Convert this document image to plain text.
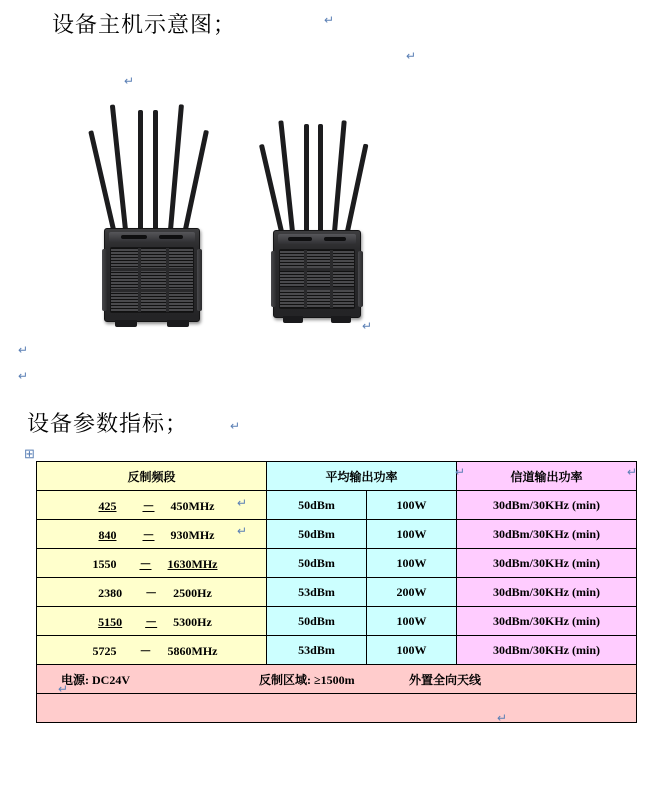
设备主机示意图；
设备参数指标；
↵
↵
↵
↵
↵
↵
↵
⊞
反制频段	平均输出功率		信道输出功率
425 － 450MHz	50dBm	100W	30dBm/30KHz (min)
840 － 930MHz	50dBm	100W	30dBm/30KHz (min)
1550 － 1630MHz	50dBm	100W	30dBm/30KHz (min)
2380 － 2500Hz	53dBm	200W	30dBm/30KHz (min)
5150 － 5300Hz	50dBm	100W	30dBm/30KHz (min)
5725 － 5860MHz	53dBm	100W	30dBm/30KHz (min)

电源: DC24V 反制区域: ≥1500m 外置全向天线			

↵	↵
↵
↵
↵
↵
